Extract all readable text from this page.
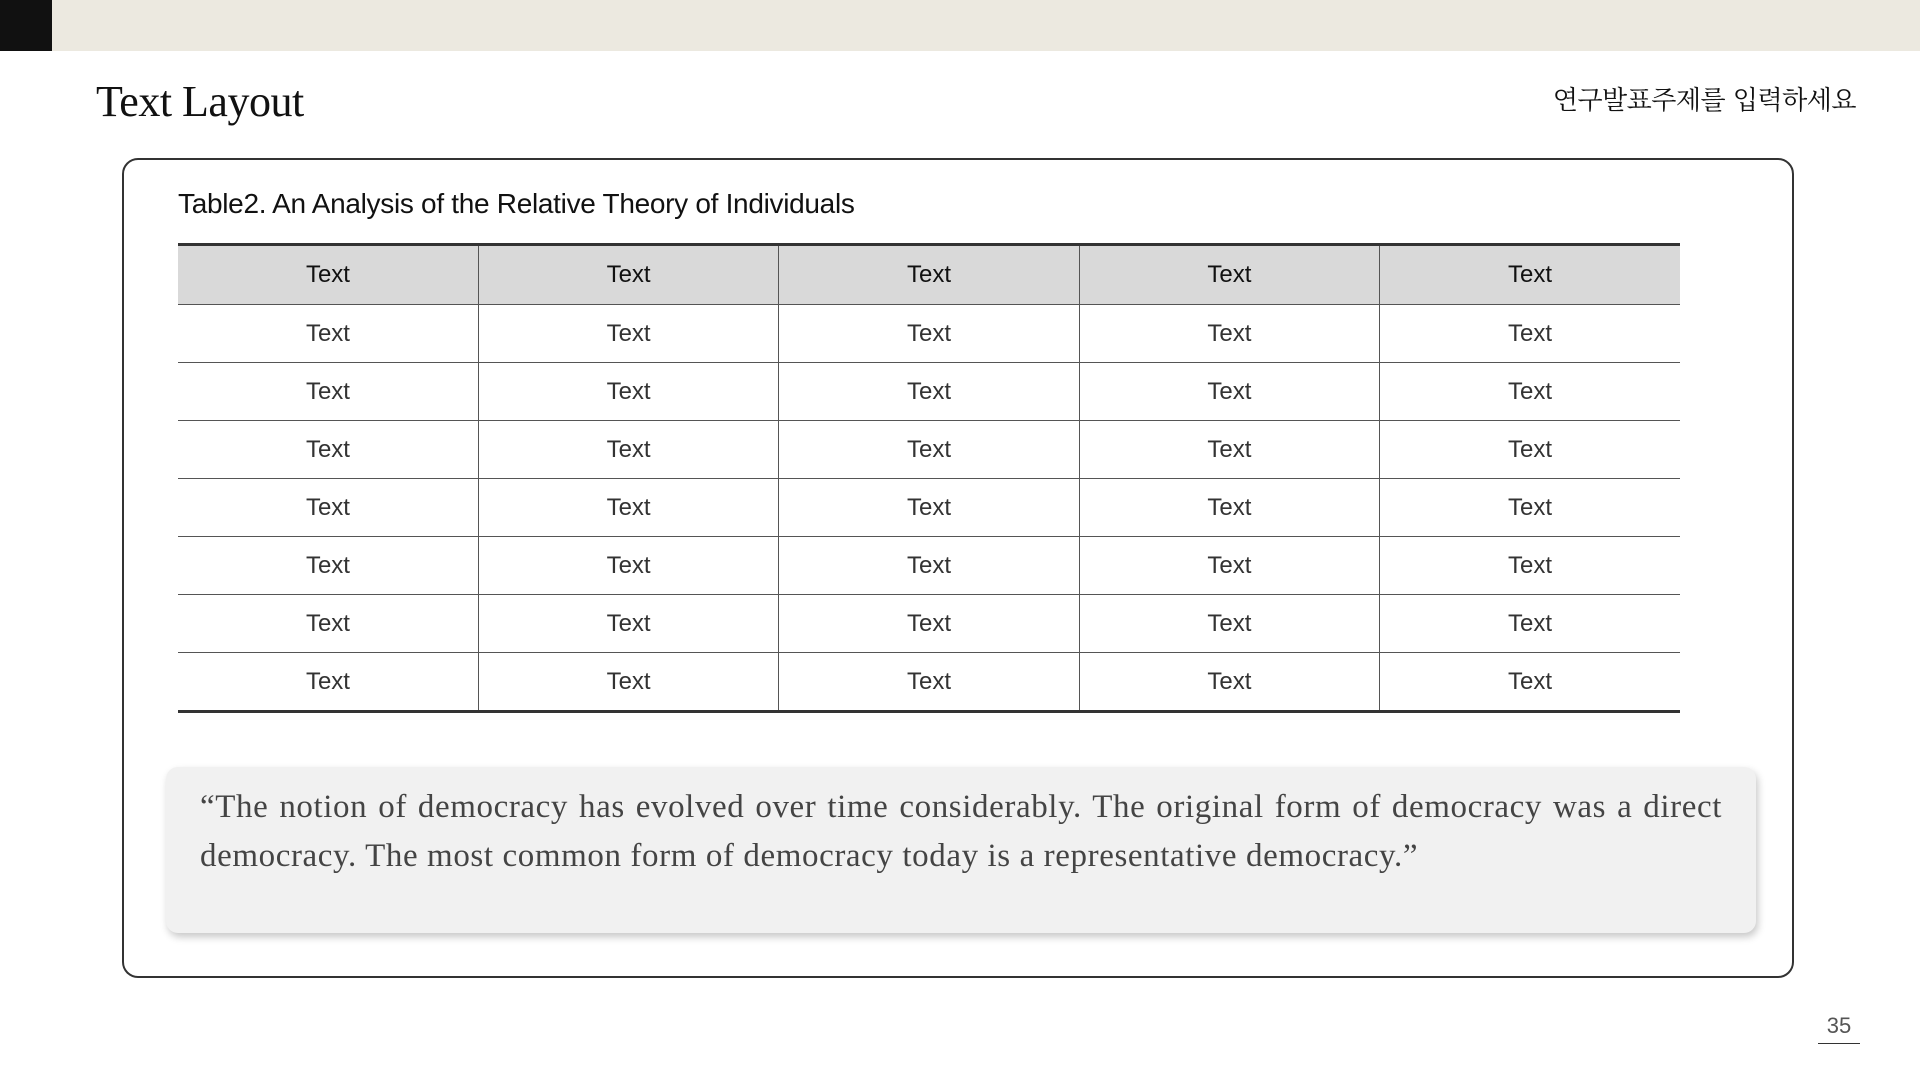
Text Layout	연구발표주제를 입력하세요
Table2. An Analysis of the Relative Theory of Individuals
Text	Text	Text	Text	Text
Text	Text	Text	Text	Text
Text	Text	Text	Text	Text
Text	Text	Text	Text	Text
Text	Text	Text	Text	Text
Text	Text	Text	Text	Text
Text	Text	Text	Text	Text
Text	Text	Text	Text	Text

“The notion of democracy has evolved over time considerably. The original form of democracy was a direct democracy. The most common form of democracy today is a representative democracy.”

35
